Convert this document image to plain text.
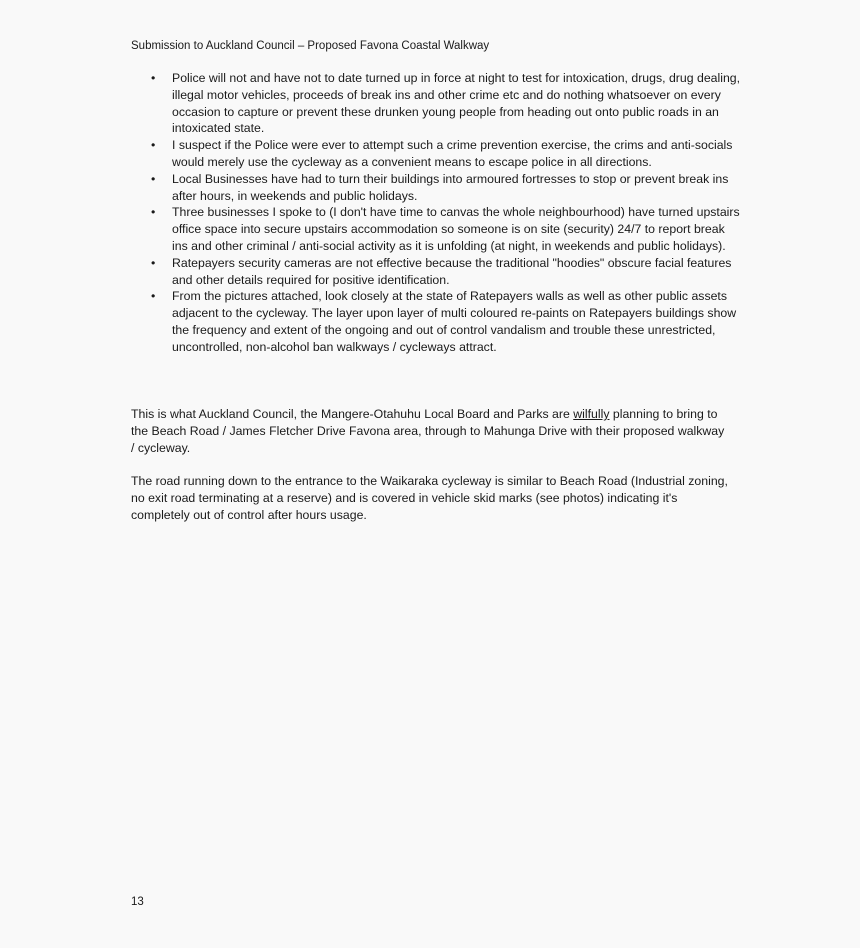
Submission to Auckland Council – Proposed Favona Coastal Walkway
• Police will not and have not to date turned up in force at night to test for intoxication, drugs, drug dealing, illegal motor vehicles, proceeds of break ins and other crime etc and do nothing whatsoever on every occasion to capture or prevent these drunken young people from heading out onto public roads in an intoxicated state.
• I suspect if the Police were ever to attempt such a crime prevention exercise, the crims and anti-socials would merely use the cycleway as a convenient means to escape police in all directions.
• Local Businesses have had to turn their buildings into armoured fortresses to stop or prevent break ins after hours, in weekends and public holidays.
• Three businesses I spoke to (I don't have time to canvas the whole neighbourhood) have turned upstairs office space into secure upstairs accommodation so someone is on site (security) 24/7 to report break ins and other criminal / anti-social activity as it is unfolding (at night, in weekends and public holidays).
• Ratepayers security cameras are not effective because the traditional "hoodies" obscure facial features and other details required for positive identification.
• From the pictures attached, look closely at the state of Ratepayers walls as well as other public assets adjacent to the cycleway. The layer upon layer of multi coloured re-paints on Ratepayers buildings show the frequency and extent of the ongoing and out of control vandalism and trouble these unrestricted, uncontrolled, non-alcohol ban walkways / cycleways attract.

This is what Auckland Council, the Mangere-Otahuhu Local Board and Parks are wilfully planning to bring to the Beach Road / James Fletcher Drive Favona area, through to Mahunga Drive with their proposed walkway / cycleway.

The road running down to the entrance to the Waikaraka cycleway is similar to Beach Road (Industrial zoning, no exit road terminating at a reserve) and is covered in vehicle skid marks (see photos) indicating it's completely out of control after hours usage.

13
